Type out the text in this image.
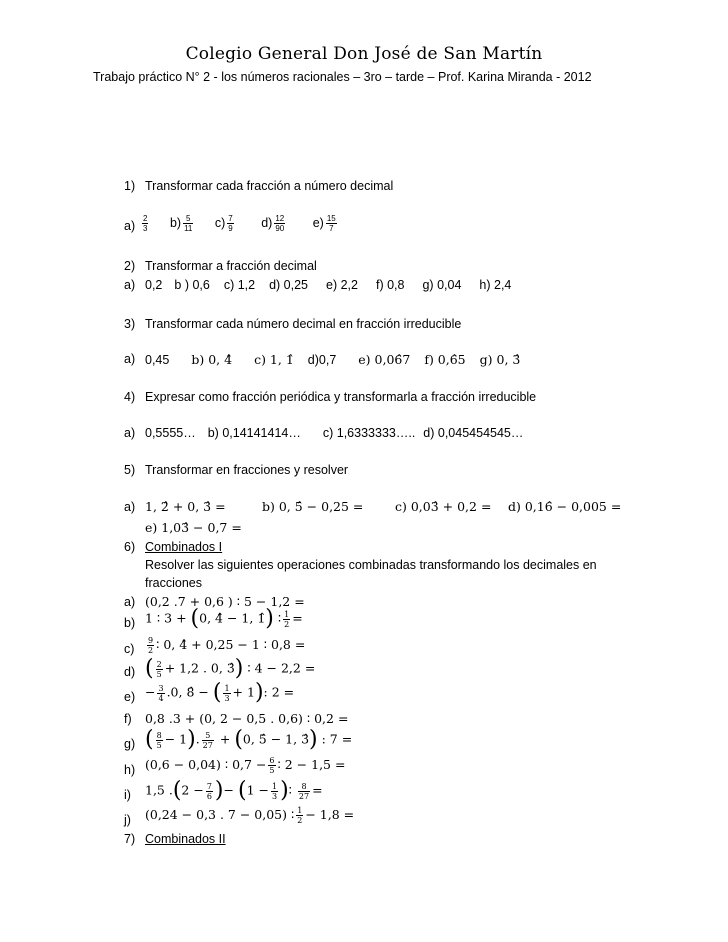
Colegio General Don José de San Martín
Trabajo práctico N° 2 - los números racionales – 3ro – tarde – Prof. Karina Miranda - 2012
1) Transformar cada fracción a número decimal
$a) \frac{2}{3} b) \frac{5}{11} c) \frac{7}{9} d) \frac{12}{90} e) \frac{15}{7}$
2) Transformar a fracción decimal
a) 0,2 b ) 0,6 c) 1,2 d) 0,25 e) 2,2 f) 0,8 g) 0,04 h) 2,4
3) Transformar cada número decimal en fracción irreducible
a) 0,45 b) 0, 4̂ c) 1, 1̂ d)0,7 e) 0,06̂7 f) 0,6̂5 g) 0, 3̂
4) Expresar como fracción periódica y transformarla a fracción irreducible
a) 0,5555… b) 0,14141414… c) 1,6333333….. d) 0,045454545…
5) Transformar en fracciones y resolver
a) 1, 2̂ + 0, 3̂ =	b) 0, 5̂ − 0,25 =	c) 0,03̂ + 0,2 = d) 0,16̂ − 0,005 =
e) 1,03̂ − 0,7 =
6) Combinados I
Resolver las siguientes operaciones combinadas transformando los decimales en
fracciones
a) (0,2 .7 + 0,6 ) ∶ 5 − 1,2 =
b) 1 ∶ 3 + (0, 4̂ − 1, 1̂) ∶ $\frac{1}{2}$ =
$c) \frac{9}{2}$ ∶ 0, 4̂ + 0,25 − 1 ∶ 0,8 =
d) ( $\frac{2}{5} + 1,2$ . 0, 3̂) ∶ 4 − 2,2 =
$e) - \frac{3}{4} .0$, 8̂ − ( $\frac{1}{3} + 1$): 2 =
f) 0,8 .3 + (0, 2 − 0,5 . 0,6) ∶ 0,2 =
g) ( $\frac{8}{5} - 1$). $\frac{5}{27} + (0$, 5̂ − 1, 3̂) : 7 =
h) (0,6 − 0,04) ∶ $0,7 - \frac{6}{5}$ ∶ 2 − 1,5 =
i) 1,5 $.(2 - \frac{7}{6}$ )− ($1 - \frac{1}{3}$ )∶ $\frac{8}{27}$ =
j) (0,24 − 0,3 . 7 − 0,05) ∶ $\frac{1}{2} - 1,8$ =
7) Combinados II
